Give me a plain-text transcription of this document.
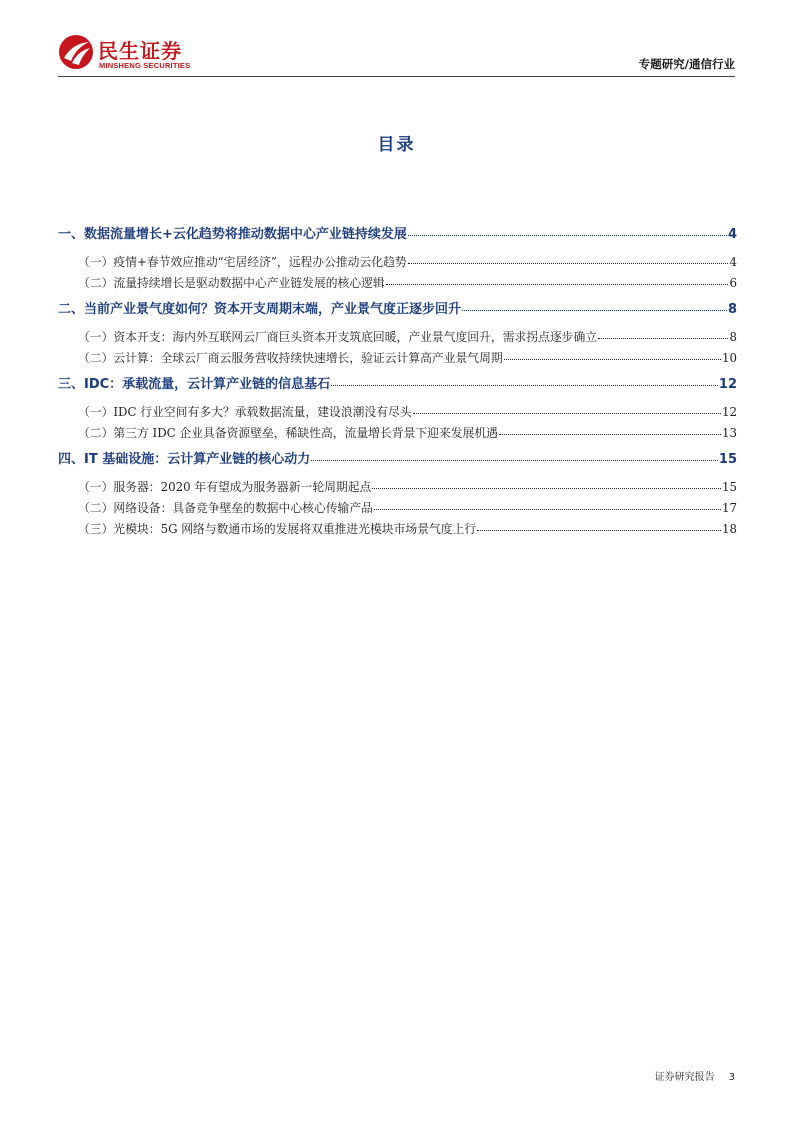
民生证券
MINSHENG SECURITIES	专题研究/通信行业
目录
一、数据流量增长+云化趋势将推动数据中心产业链持续发展	4
（一）疫情+春节效应推动“宅居经济”，远程办公推动云化趋势	4
（二）流量持续增长是驱动数据中心产业链发展的核心逻辑	6
二、当前产业景气度如何？资本开支周期末端，产业景气度正逐步回升	8
（一）资本开支：海内外互联网云厂商巨头资本开支筑底回暖，产业景气度回升，需求拐点逐步确立	8
（二）云计算：全球云厂商云服务营收持续快速增长，验证云计算高产业景气周期	10
三、IDC：承载流量，云计算产业链的信息基石	12
（一）IDC 行业空间有多大？承载数据流量，建设浪潮没有尽头	12
（二）第三方 IDC 企业具备资源壁垒，稀缺性高，流量增长背景下迎来发展机遇	13
四、IT 基础设施：云计算产业链的核心动力	15
（一）服务器：2020 年有望成为服务器新一轮周期起点	15
（二）网络设备：具备竞争壁垒的数据中心核心传输产品	17
（三）光模块：5G 网络与数通市场的发展将双重推进光模块市场景气度上行	18
证券研究报告 3
